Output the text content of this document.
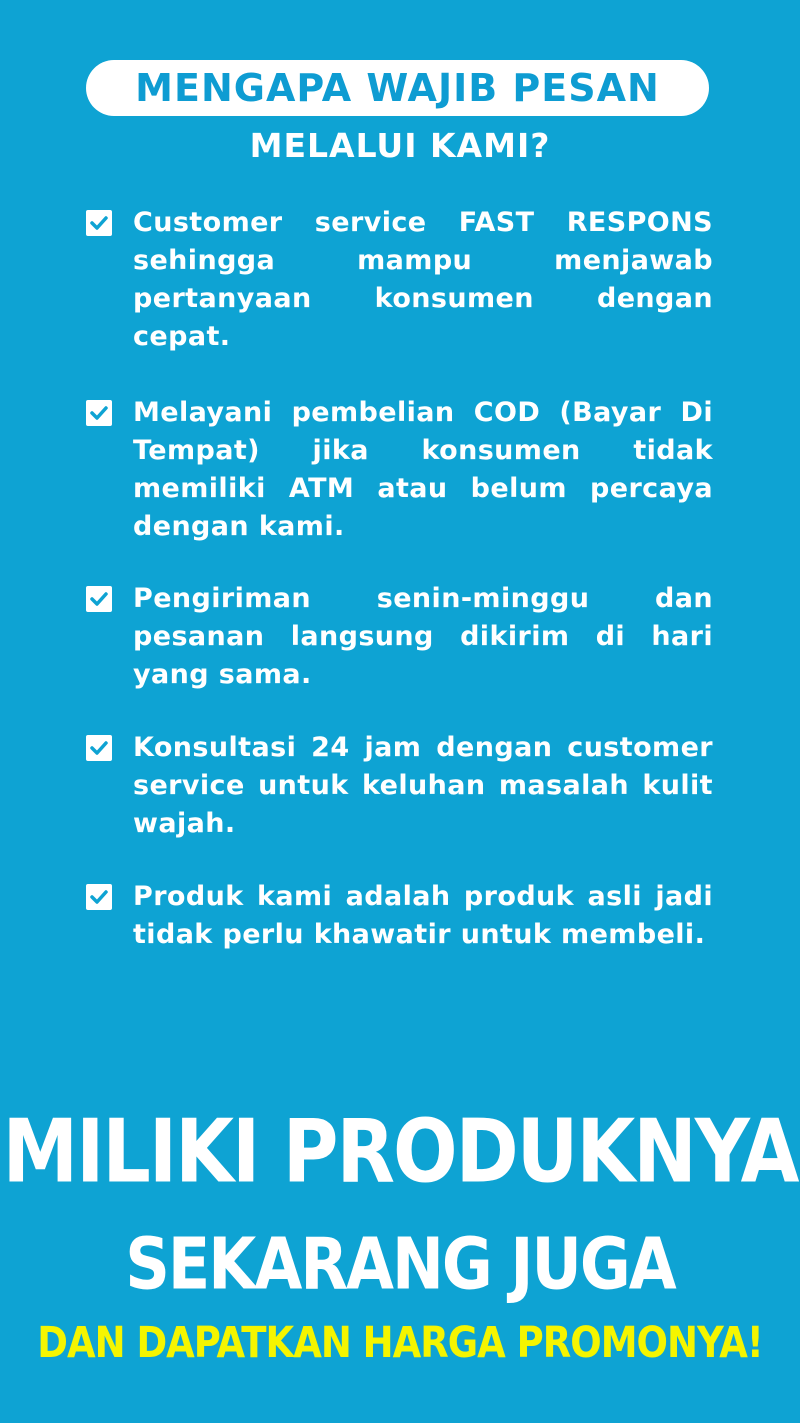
MENGAPA WAJIB PESAN
MELALUI KAMI?
Customer service FAST RESPONS sehingga mampu menjawab pertanyaan konsumen dengan cepat.
Melayani pembelian COD (Bayar Di Tempat) jika konsumen tidak memiliki ATM atau belum percaya dengan kami.
Pengiriman senin-minggu dan pesanan langsung dikirim di hari yang sama.
Konsultasi 24 jam dengan customer service untuk keluhan masalah kulit wajah.
Produk kami adalah produk asli jadi tidak perlu khawatir untuk membeli.
MILIKI PRODUKNYA
SEKARANG JUGA
DAN DAPATKAN HARGA PROMONYA!
